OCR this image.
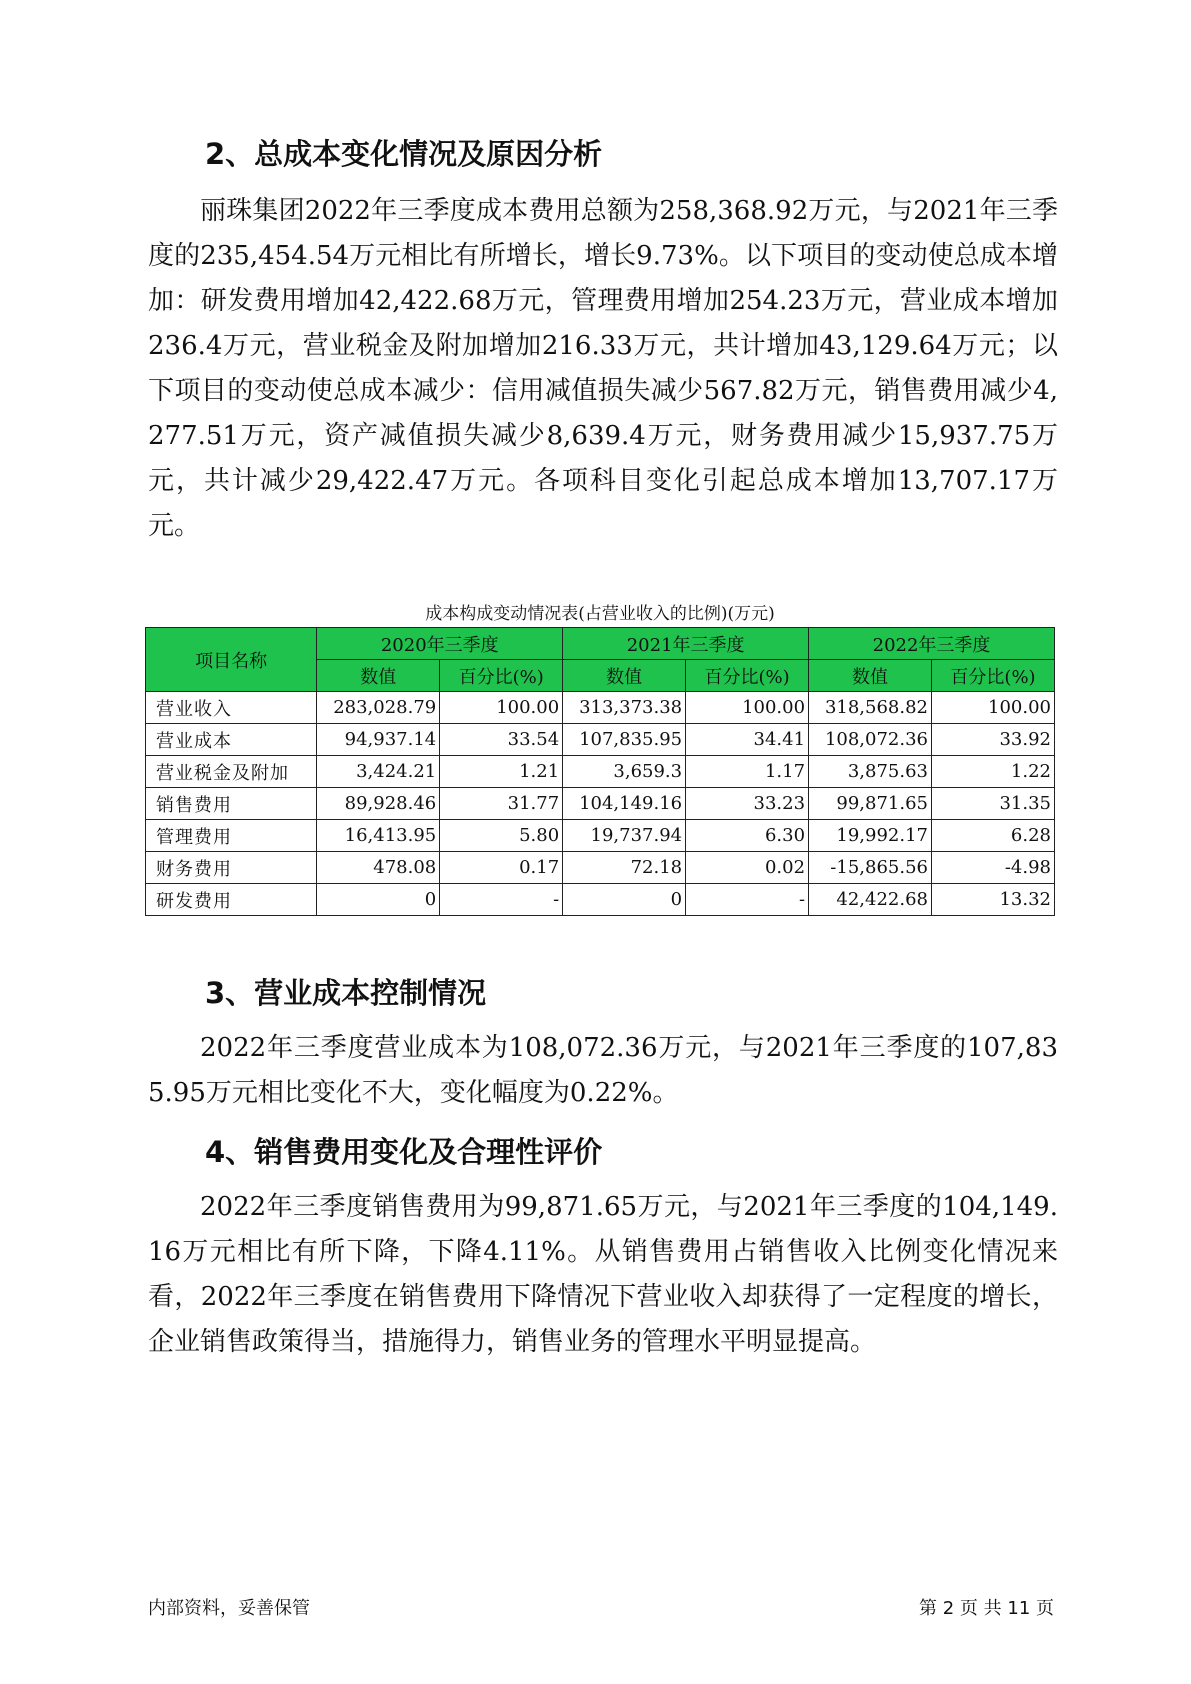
2、总成本变化情况及原因分析

丽珠集团2022年三季度成本费用总额为258,368.92万元，与2021年三季度的235,454.54万元相比有所增长，增长9.73%。以下项目的变动使总成本增加：研发费用增加42,422.68万元，管理费用增加254.23万元，营业成本增加236.4万元，营业税金及附加增加216.33万元，共计增加43,129.64万元；以下项目的变动使总成本减少：信用减值损失减少567.82万元，销售费用减少4,277.51万元，资产减值损失减少8,639.4万元，财务费用减少15,937.75万元，共计减少29,422.47万元。各项科目变化引起总成本增加13,707.17万元。

成本构成变动情况表(占营业收入的比例)(万元)

项目名称	2020年三季度		2021年三季度		2022年三季度	
	数值	百分比(%)	数值	百分比(%)	数值	百分比(%)
营业收入	283,028.79	100.00	313,373.38	100.00	318,568.82	100.00
营业成本	94,937.14	33.54	107,835.95	34.41	108,072.36	33.92
营业税金及附加	3,424.21	1.21	3,659.3	1.17	3,875.63	1.22
销售费用	89,928.46	31.77	104,149.16	33.23	99,871.65	31.35
管理费用	16,413.95	5.80	19,737.94	6.30	19,992.17	6.28
财务费用	478.08	0.17	72.18	0.02	-15,865.56	-4.98
研发费用	0	-	0	-	42,422.68	13.32
3、营业成本控制情况

2022年三季度营业成本为108,072.36万元，与2021年三季度的107,835.95万元相比变化不大，变化幅度为0.22%。

4、销售费用变化及合理性评价

2022年三季度销售费用为99,871.65万元，与2021年三季度的104,149.16万元相比有所下降，下降4.11%。从销售费用占销售收入比例变化情况来看，2022年三季度在销售费用下降情况下营业收入却获得了一定程度的增长，企业销售政策得当，措施得力，销售业务的管理水平明显提高。

内部资料，妥善保管	第 2 页 共 11 页
